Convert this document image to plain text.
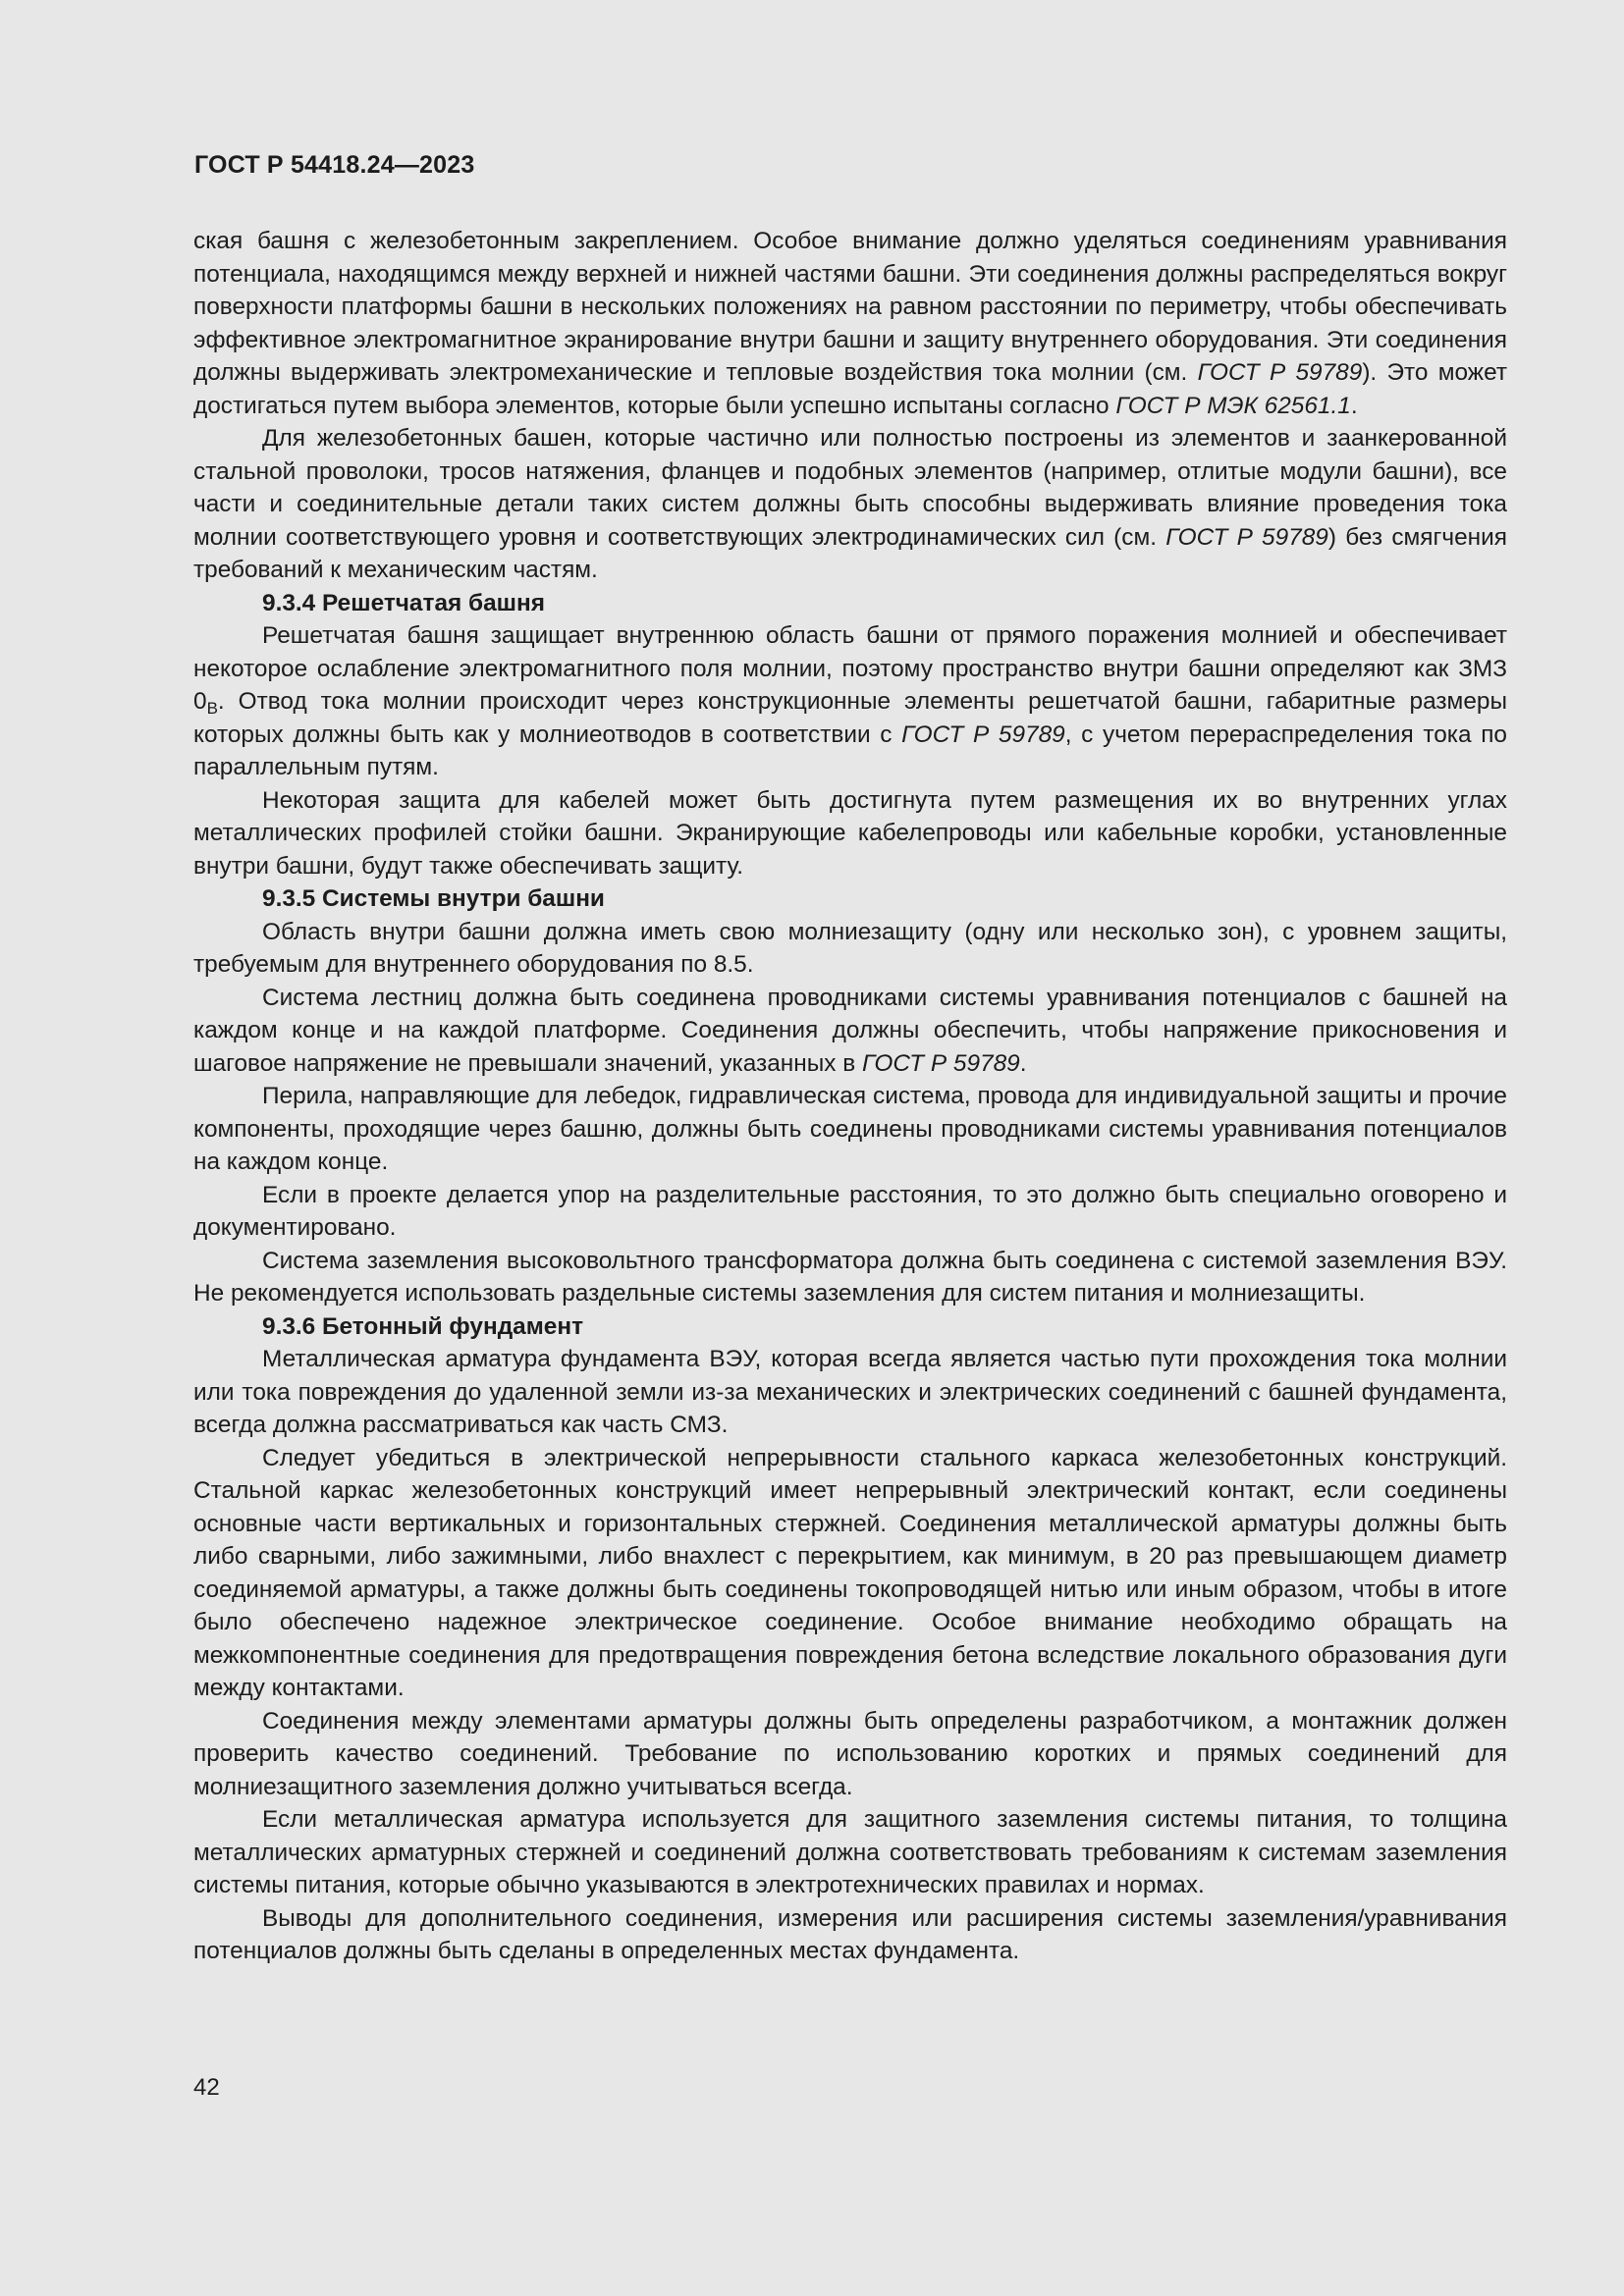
ГОСТ Р 54418.24—2023

ская башня с железобетонным закреплением. Особое внимание должно уделяться соединениям уравнивания потенциала, находящимся между верхней и нижней частями башни. Эти соединения должны распределяться вокруг поверхности платформы башни в нескольких положениях на равном расстоянии по периметру, чтобы обеспечивать эффективное электромагнитное экранирование внутри башни и защиту внутреннего оборудования. Эти соединения должны выдерживать электромеханические и тепловые воздействия тока молнии (см. ГОСТ Р 59789). Это может достигаться путем выбора элементов, которые были успешно испытаны согласно ГОСТ Р МЭК 62561.1.

Для железобетонных башен, которые частично или полностью построены из элементов и заанкерованной стальной проволоки, тросов натяжения, фланцев и подобных элементов (например, отлитые модули башни), все части и соединительные детали таких систем должны быть способны выдерживать влияние проведения тока молнии соответствующего уровня и соответствующих электродинамических сил (см. ГОСТ Р 59789) без смягчения требований к механическим частям.

9.3.4 Решетчатая башня

Решетчатая башня защищает внутреннюю область башни от прямого поражения молнией и обеспечивает некоторое ослабление электромагнитного поля молнии, поэтому пространство внутри башни определяют как ЗМЗ $0_B$. Отвод тока молнии происходит через конструкционные элементы решетчатой башни, габаритные размеры которых должны быть как у молниеотводов в соответствии с ГОСТ Р 59789, с учетом перераспределения тока по параллельным путям.

Некоторая защита для кабелей может быть достигнута путем размещения их во внутренних углах металлических профилей стойки башни. Экранирующие кабелепроводы или кабельные коробки, установленные внутри башни, будут также обеспечивать защиту.

9.3.5 Системы внутри башни

Область внутри башни должна иметь свою молниезащиту (одну или несколько зон), с уровнем защиты, требуемым для внутреннего оборудования по 8.5.

Система лестниц должна быть соединена проводниками системы уравнивания потенциалов с башней на каждом конце и на каждой платформе. Соединения должны обеспечить, чтобы напряжение прикосновения и шаговое напряжение не превышали значений, указанных в ГОСТ Р 59789.

Перила, направляющие для лебедок, гидравлическая система, провода для индивидуальной защиты и прочие компоненты, проходящие через башню, должны быть соединены проводниками системы уравнивания потенциалов на каждом конце.

Если в проекте делается упор на разделительные расстояния, то это должно быть специально оговорено и документировано.

Система заземления высоковольтного трансформатора должна быть соединена с системой заземления ВЭУ. Не рекомендуется использовать раздельные системы заземления для систем питания и молниезащиты.

9.3.6 Бетонный фундамент

Металлическая арматура фундамента ВЭУ, которая всегда является частью пути прохождения тока молнии или тока повреждения до удаленной земли из-за механических и электрических соединений с башней фундамента, всегда должна рассматриваться как часть СМЗ.

Следует убедиться в электрической непрерывности стального каркаса железобетонных конструкций. Стальной каркас железобетонных конструкций имеет непрерывный электрический контакт, если соединены основные части вертикальных и горизонтальных стержней. Соединения металлической арматуры должны быть либо сварными, либо зажимными, либо внахлест с перекрытием, как минимум, в 20 раз превышающем диаметр соединяемой арматуры, а также должны быть соединены токопроводящей нитью или иным образом, чтобы в итоге было обеспечено надежное электрическое соединение. Особое внимание необходимо обращать на межкомпонентные соединения для предотвращения повреждения бетона вследствие локального образования дуги между контактами.

Соединения между элементами арматуры должны быть определены разработчиком, а монтажник должен проверить качество соединений. Требование по использованию коротких и прямых соединений для молниезащитного заземления должно учитываться всегда.

Если металлическая арматура используется для защитного заземления системы питания, то толщина металлических арматурных стержней и соединений должна соответствовать требованиям к системам заземления системы питания, которые обычно указываются в электротехнических правилах и нормах.

Выводы для дополнительного соединения, измерения или расширения системы заземления/уравнивания потенциалов должны быть сделаны в определенных местах фундамента.

42
